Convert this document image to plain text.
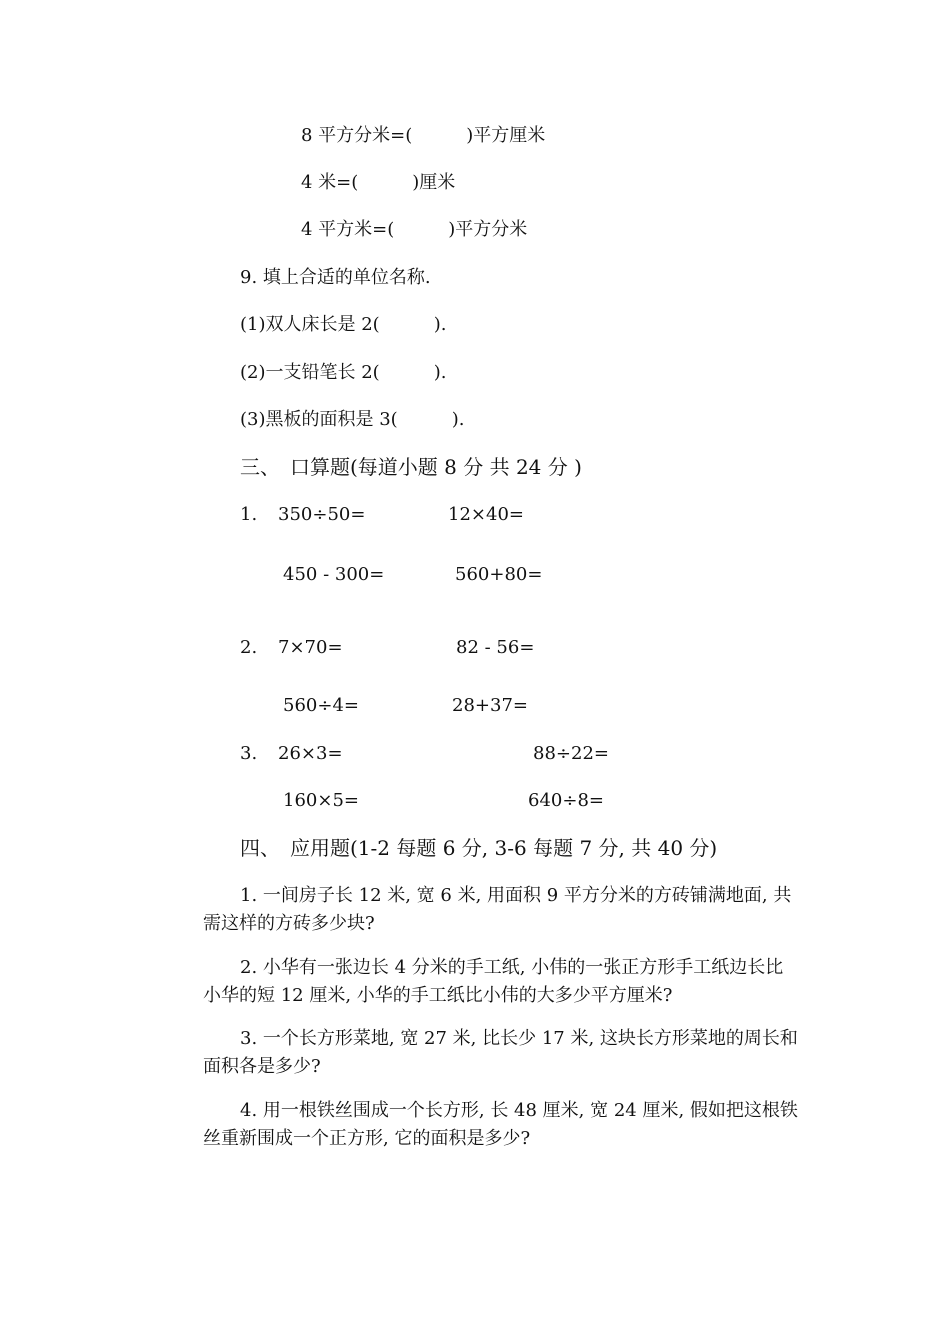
8 平方分米=(　　　)平方厘米
4 米=(　　　)厘米
4 平方米=(　　　)平方分米
9. 填上合适的单位名称.
(1)双人床长是 2(　　　).
(2)一支铅笔长 2(　　　).
(3)黑板的面积是 3(　　　).
三、　口算题(每道小题 8 分 共 24 分 )
1. 350÷50=	12×40=
450 - 300=	560+80=
2. 7×70=	82 - 56=
560÷4=	28+37=
3. 26×3=	88÷22=
160×5=	640÷8=
四、　应用题(1-2 每题 6 分, 3-6 每题 7 分, 共 40 分)
1. 一间房子长 12 米, 宽 6 米, 用面积 9 平方分米的方砖铺满地面, 共需这样的方砖多少块?
2. 小华有一张边长 4 分米的手工纸, 小伟的一张正方形手工纸边长比小华的短 12 厘米, 小华的手工纸比小伟的大多少平方厘米?
3. 一个长方形菜地, 宽 27 米, 比长少 17 米, 这块长方形菜地的周长和面积各是多少?
4. 用一根铁丝围成一个长方形, 长 48 厘米, 宽 24 厘米, 假如把这根铁丝重新围成一个正方形, 它的面积是多少?
